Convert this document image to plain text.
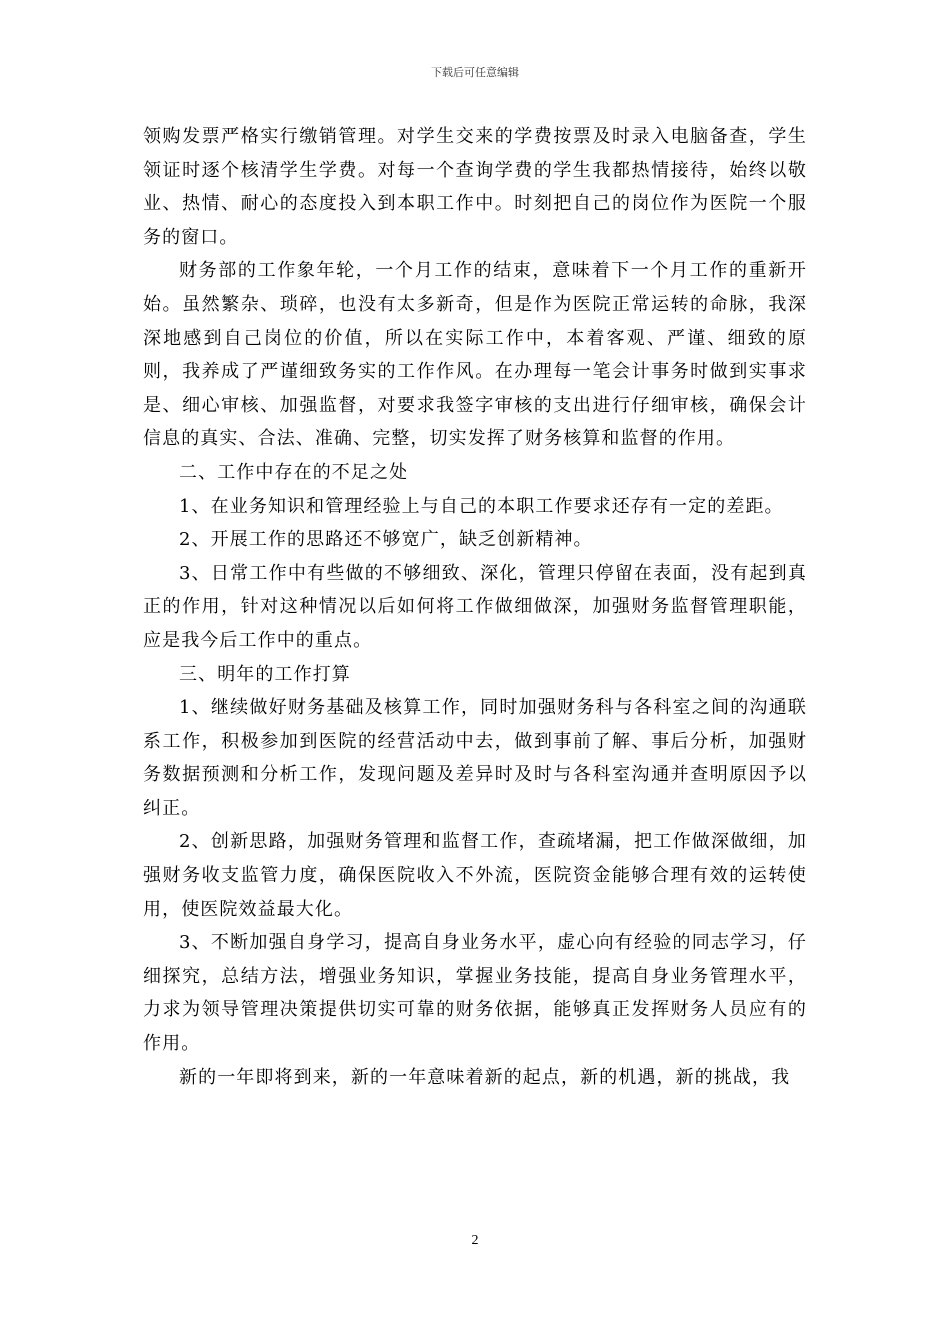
下载后可任意编辑

领购发票严格实行缴销管理。对学生交来的学费按票及时录入电脑备查，学生领证时逐个核清学生学费。对每一个查询学费的学生我都热情接待，始终以敬业、热情、耐心的态度投入到本职工作中。时刻把自己的岗位作为医院一个服务的窗口。

财务部的工作象年轮，一个月工作的结束，意味着下一个月工作的重新开始。虽然繁杂、琐碎，也没有太多新奇，但是作为医院正常运转的命脉，我深深地感到自己岗位的价值，所以在实际工作中，本着客观、严谨、细致的原则，我养成了严谨细致务实的工作作风。在办理每一笔会计事务时做到实事求是、细心审核、加强监督，对要求我签字审核的支出进行仔细审核，确保会计信息的真实、合法、准确、完整，切实发挥了财务核算和监督的作用。

二、工作中存在的不足之处

1、在业务知识和管理经验上与自己的本职工作要求还存有一定的差距。

2、开展工作的思路还不够宽广，缺乏创新精神。

3、日常工作中有些做的不够细致、深化，管理只停留在表面，没有起到真正的作用，针对这种情况以后如何将工作做细做深，加强财务监督管理职能，应是我今后工作中的重点。

三、明年的工作打算

1、继续做好财务基础及核算工作，同时加强财务科与各科室之间的沟通联系工作，积极参加到医院的经营活动中去，做到事前了解、事后分析，加强财务数据预测和分析工作，发现问题及差异时及时与各科室沟通并查明原因予以纠正。

2、创新思路，加强财务管理和监督工作，查疏堵漏，把工作做深做细，加强财务收支监管力度，确保医院收入不外流，医院资金能够合理有效的运转使用，使医院效益最大化。

3、不断加强自身学习，提高自身业务水平，虚心向有经验的同志学习，仔细探究，总结方法，增强业务知识，掌握业务技能，提高自身业务管理水平，力求为领导管理决策提供切实可靠的财务依据，能够真正发挥财务人员应有的作用。

新的一年即将到来，新的一年意味着新的起点，新的机遇，新的挑战，我

2
